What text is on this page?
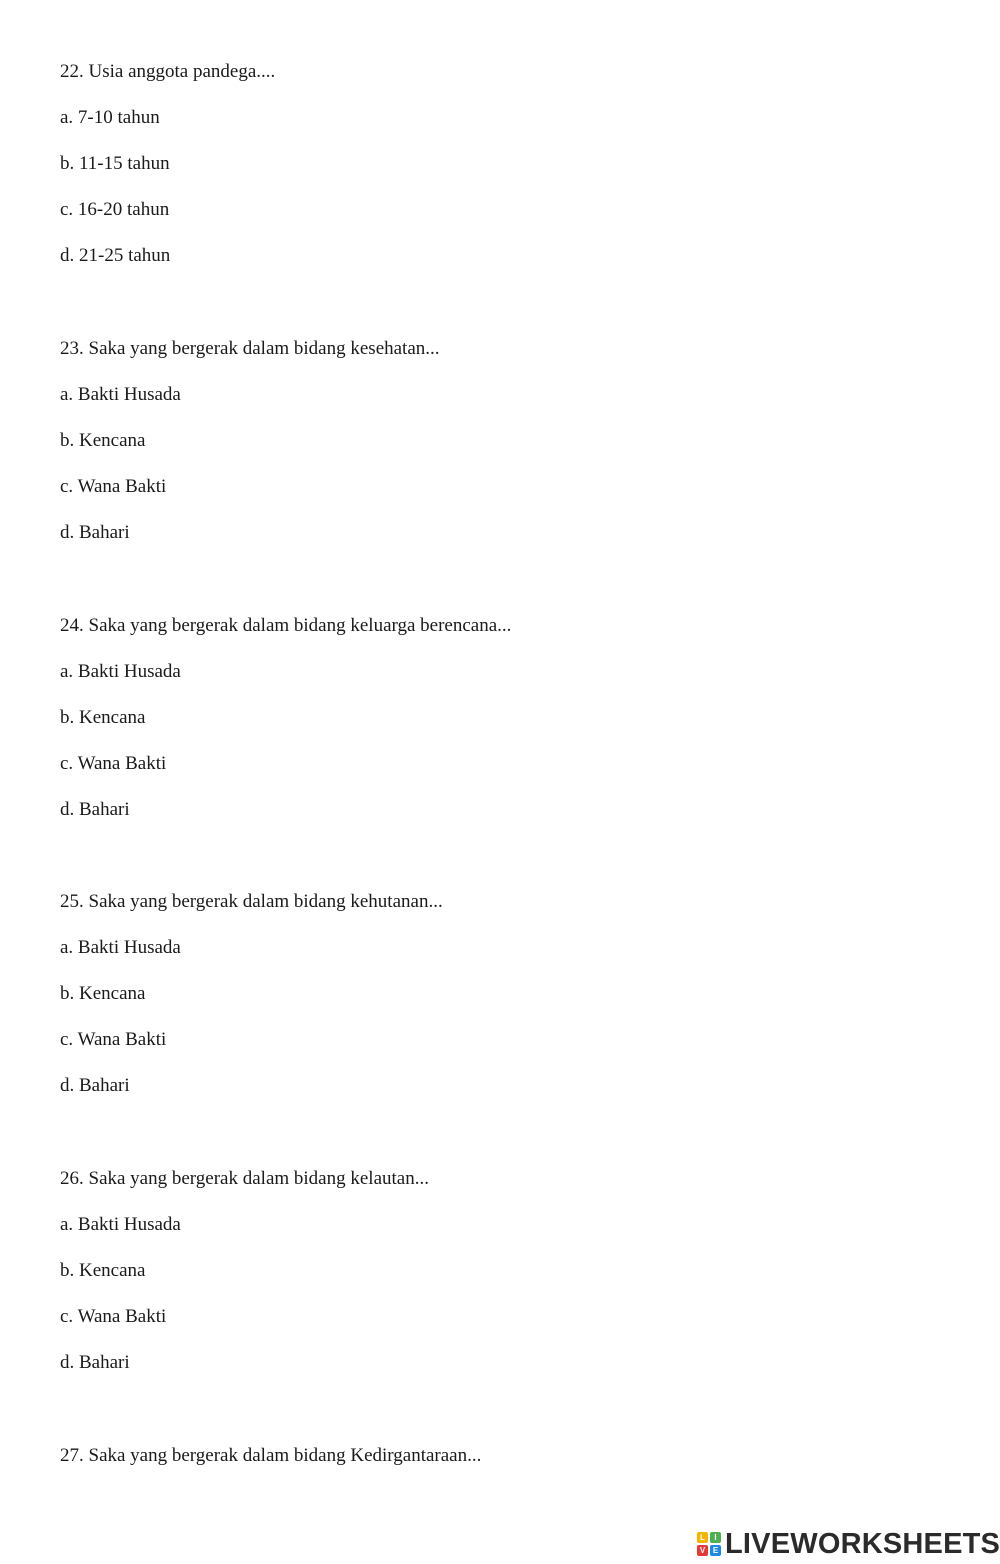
22. Usia anggota pandega....
a. 7-10 tahun
b. 11-15 tahun
c. 16-20 tahun
d. 21-25 tahun
23. Saka yang bergerak dalam bidang kesehatan...
a. Bakti Husada
b. Kencana
c. Wana Bakti
d. Bahari
24. Saka yang bergerak dalam bidang keluarga berencana...
a. Bakti Husada
b. Kencana
c. Wana Bakti
d. Bahari
25. Saka yang bergerak dalam bidang kehutanan...
a. Bakti Husada
b. Kencana
c. Wana Bakti
d. Bahari
26. Saka yang bergerak dalam bidang kelautan...
a. Bakti Husada
b. Kencana
c. Wana Bakti
d. Bahari
27. Saka yang bergerak dalam bidang Kedirgantaraan...
L	I
V E LIVEWORKSHEETS
